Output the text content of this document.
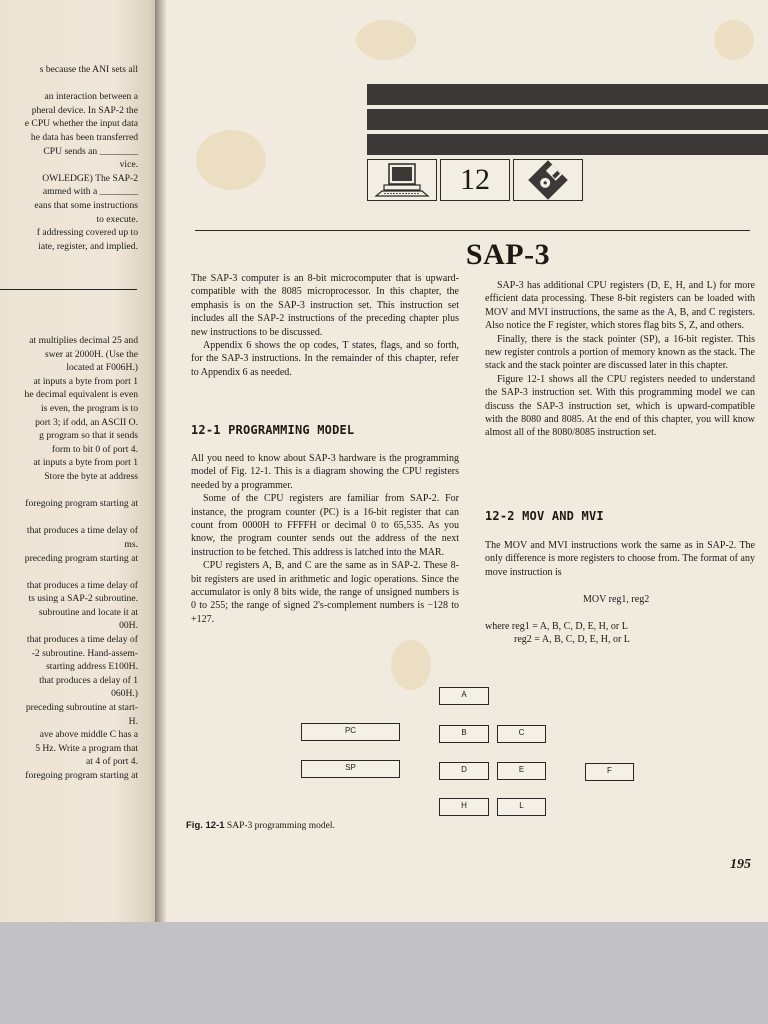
s because the ANI sets all
an interaction between a
pheral device. In SAP-2 the
e CPU whether the input data
he data has been transferred
CPU sends an ________
vice.
OWLEDGE) The SAP-2
ammed with a ________
eans that some instructions
to execute.
f addressing covered up to
iate, register, and implied.
at multiplies decimal 25 and
swer at 2000H. (Use the
located at F006H.)
at inputs a byte from port 1
he decimal equivalent is even
is even, the program is to
port 3; if odd, an ASCII O.
g program so that it sends
form to bit 0 of port 4.
at inputs a byte from port 1
Store the byte at address
foregoing program starting at
that produces a time delay of
ms.
preceding program starting at
that produces a time delay of
ts using a SAP-2 subroutine.
subroutine and locate it at
00H.
that produces a time delay of
-2 subroutine. Hand-assem-
starting address E100H.
that produces a delay of 1
060H.)
preceding subroutine at start-
H.
ave above middle C has a
5 Hz. Write a program that
at 4 of port 4.
foregoing program starting at
12
SAP-3

The SAP-3 computer is an 8-bit microcomputer that is upward-compatible with the 8085 microprocessor. In this chapter, the emphasis is on the SAP-3 instruction set. This instruction set includes all the SAP-2 instructions of the preceding chapter plus new instructions to be discussed.

Appendix 6 shows the op codes, T states, flags, and so forth, for the SAP-3 instructions. In the remainder of this chapter, refer to Appendix 6 as needed.

12-1 PROGRAMMING MODEL

All you need to know about SAP-3 hardware is the programming model of Fig. 12-1. This is a diagram showing the CPU registers needed by a programmer.

Some of the CPU registers are familiar from SAP-2. For instance, the program counter (PC) is a 16-bit register that can count from 0000H to FFFFH or decimal 0 to 65,535. As you know, the program counter sends out the address of the next instruction to be fetched. This address is latched into the MAR.

CPU registers A, B, and C are the same as in SAP-2. These 8-bit registers are used in arithmetic and logic operations. Since the accumulator is only 8 bits wide, the range of unsigned numbers is 0 to 255; the range of signed 2's-complement numbers is −128 to +127.

SAP-3 has additional CPU registers (D, E, H, and L) for more efficient data processing. These 8-bit registers can be loaded with MOV and MVI instructions, the same as the A, B, and C registers. Also notice the F register, which stores flag bits S, Z, and others.

Finally, there is the stack pointer (SP), a 16-bit register. This new register controls a portion of memory known as the stack. The stack and the stack pointer are discussed later in this chapter.

Figure 12-1 shows all the CPU registers needed to understand the SAP-3 instruction set. With this programming model we can discuss the SAP-3 instruction set, which is upward-compatible with the 8080 and 8085. At the end of this chapter, you will know almost all of the 8080/8085 instruction set.

12-2 MOV AND MVI

The MOV and MVI instructions work the same as in SAP-2. The only difference is more registers to choose from. The format of any move instruction is

MOV reg1, reg2
where reg1 = A, B, C, D, E, H, or L
reg2 = A, B, C, D, E, H, or L
A
B	C
D	E
H	L
F
PC
SP
Fig. 12-1 SAP-3 programming model.
195
